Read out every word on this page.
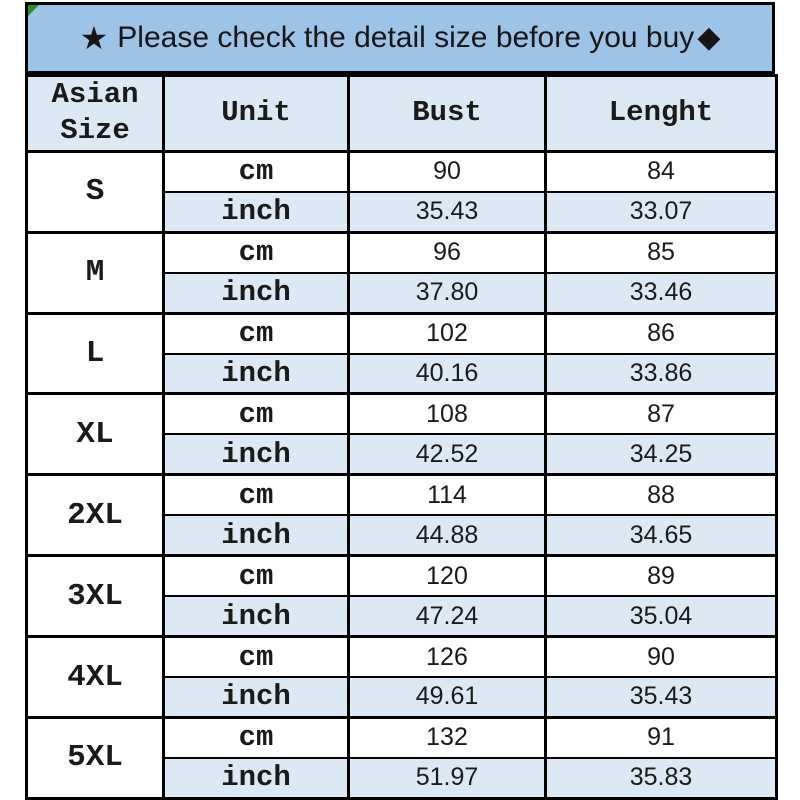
★ Please check the detail size before you buy ◆
Asian Size	Unit	Bust	Lenght
S	cm	90	84
	inch	35.43	33.07
M	cm	96	85
	inch	37.80	33.46
L	cm	102	86
	inch	40.16	33.86
XL	cm	108	87
	inch	42.52	34.25
2XL	cm	114	88
	inch	44.88	34.65
3XL	cm	120	89
	inch	47.24	35.04
4XL	cm	126	90
	inch	49.61	35.43
5XL	cm	132	91
	inch	51.97	35.83
